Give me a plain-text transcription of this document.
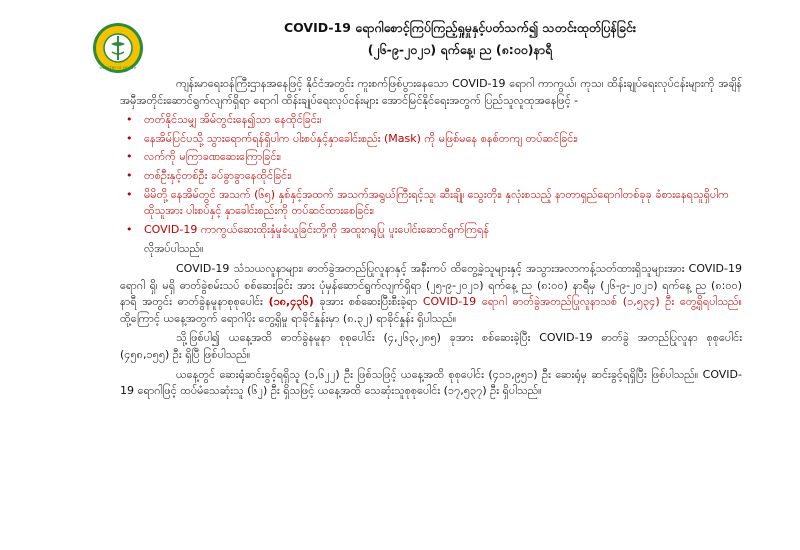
MINISTRY OF HEALTH
COVID-19 ရောဂါစောင့်ကြပ်ကြည့်ရှုမှုနှင့်ပတ်သက်၍ သတင်းထုတ်ပြန်ခြင်း
(၂၆-၉-၂၀၂၁) ရက်နေ့၊ ည (၈:၀၀)နာရီ

ကျန်းမာရေးဝန်ကြီးဌာနအနေဖြင့် နိုင်ငံအတွင်း ကူးစက်ဖြစ်ပွားနေသော COVID-19 ရောဂါ ကာကွယ်၊ ကုသ၊ ထိန်းချုပ်ရေးလုပ်ငန်းများကို အချိန်အမှီအတိုင်းဆောင်ရွက်လျက်ရှိရာ ရောဂါ ထိန်းချုပ်ရေးလုပ်ငန်းများ အောင်မြင်နိုင်ရေးအတွက် ပြည်သူလူထုအနေဖြင့် -

• တတ်နိုင်သမျှ အိမ်တွင်းနေ၍သာ နေထိုင်ခြင်း၊
• နေအိမ်ပြင်ပသို့ သွားရောက်ရန်ရှိပါက ပါးစပ်နှင့်နှာခေါင်းစည်း (Mask) ကို မဖြစ်မနေ စနစ်တကျ တပ်ဆင်ခြင်း၊
• လက်ကို မကြာခဏဆေးကြောခြင်း၊
• တစ်ဦးနှင့်တစ်ဦး ခပ်ခွာခွာနေထိုင်ခြင်း၊
• မိမိတို့ နေအိမ်တွင် အသက် (၆၅) နှစ်နှင့်အထက် အသက်အရွယ်ကြီးရင့်သူ၊ ဆီးချို၊ သွေးတိုး၊ နှလုံးစသည့် နာတာရှည်ရောဂါတစ်ခုခု ခံစားနေရသူရှိပါက ထိုသူအား ပါးစပ်နှင့် နှာခေါင်းစည်းကို တပ်ဆင်ထားစေခြင်း၊
• COVID-19 ကာကွယ်ဆေးထိုးနှံမှုခံယူခြင်းတို့ကို အထူးဂရုပြု ပူးပေါင်းဆောင်ရွက်ကြရန်
လိုအပ်ပါသည်။

COVID-19 သံသယလူနာများ၊ ဓာတ်ခွဲအတည်ပြုလူနာနှင့် အနီးကပ် ထိတွေ့ခဲ့သူများနှင့် အသွားအလာကန့်သတ်ထားရှိသူများအား COVID-19 ရောဂါ ရှိ၊ မရှိ ဓာတ်ခွဲစမ်းသပ် စစ်ဆေးခြင်း အား ပုံမှန်ဆောင်ရွက်လျက်ရှိရာ (၂၅-၉-၂၀၂၁) ရက်နေ့ ည (၈:၀၀) နာရီမှ (၂၆-၉-၂၀၂၁) ရက်နေ့ ည (၈:၀၀) နာရီ အတွင်း ဓာတ်ခွဲနမူနာစုစုပေါင်း (၁၈,၄၃၆) ခုအား စစ်ဆေးပြီးစီးခဲ့ရာ COVID-19 ရောဂါ ဓာတ်ခွဲအတည်ပြုလူနာသစ် (၁,၅၃၄) ဦး တွေ့ရှိရပါသည်။ ထို့ကြောင့် ယနေ့အတွက် ရောဂါပိုး တွေ့ရှိမှု ရာခိုင်နှုန်းမှာ (၈.၃၂) ရာခိုင်နှုန်း ရှိပါသည်။

သို့ဖြစ်ပါ၍ ယနေ့အထိ ဓာတ်ခွဲနမူနာ စုစုပေါင်း (၄,၂၆၃,၂၈၅) ခုအား စစ်ဆေးခဲ့ပြီး COVID-19 ဓာတ်ခွဲ အတည်ပြုလူနာ စုစုပေါင်း (၄၅၈,၁၅၅) ဦး ရှိပြီ ဖြစ်ပါသည်။

ယနေ့တွင် ဆေးရုံဆင်းခွင့်ရရှိသူ (၁,၆၂၂) ဦး ဖြစ်သဖြင့် ယနေ့အထိ စုစုပေါင်း (၄၁၁,၉၅၁) ဦး ဆေးရုံမှ ဆင်းခွင့်ရရှိပြီး ဖြစ်ပါသည်။ COVID-19 ရောဂါဖြင့် ထပ်မံသေဆုံးသူ (၆၂) ဦး ရှိသဖြင့် ယနေ့အထိ သေဆုံးသူစုစုပေါင်း (၁၇,၅၃၇) ဦး ရှိပါသည်။
